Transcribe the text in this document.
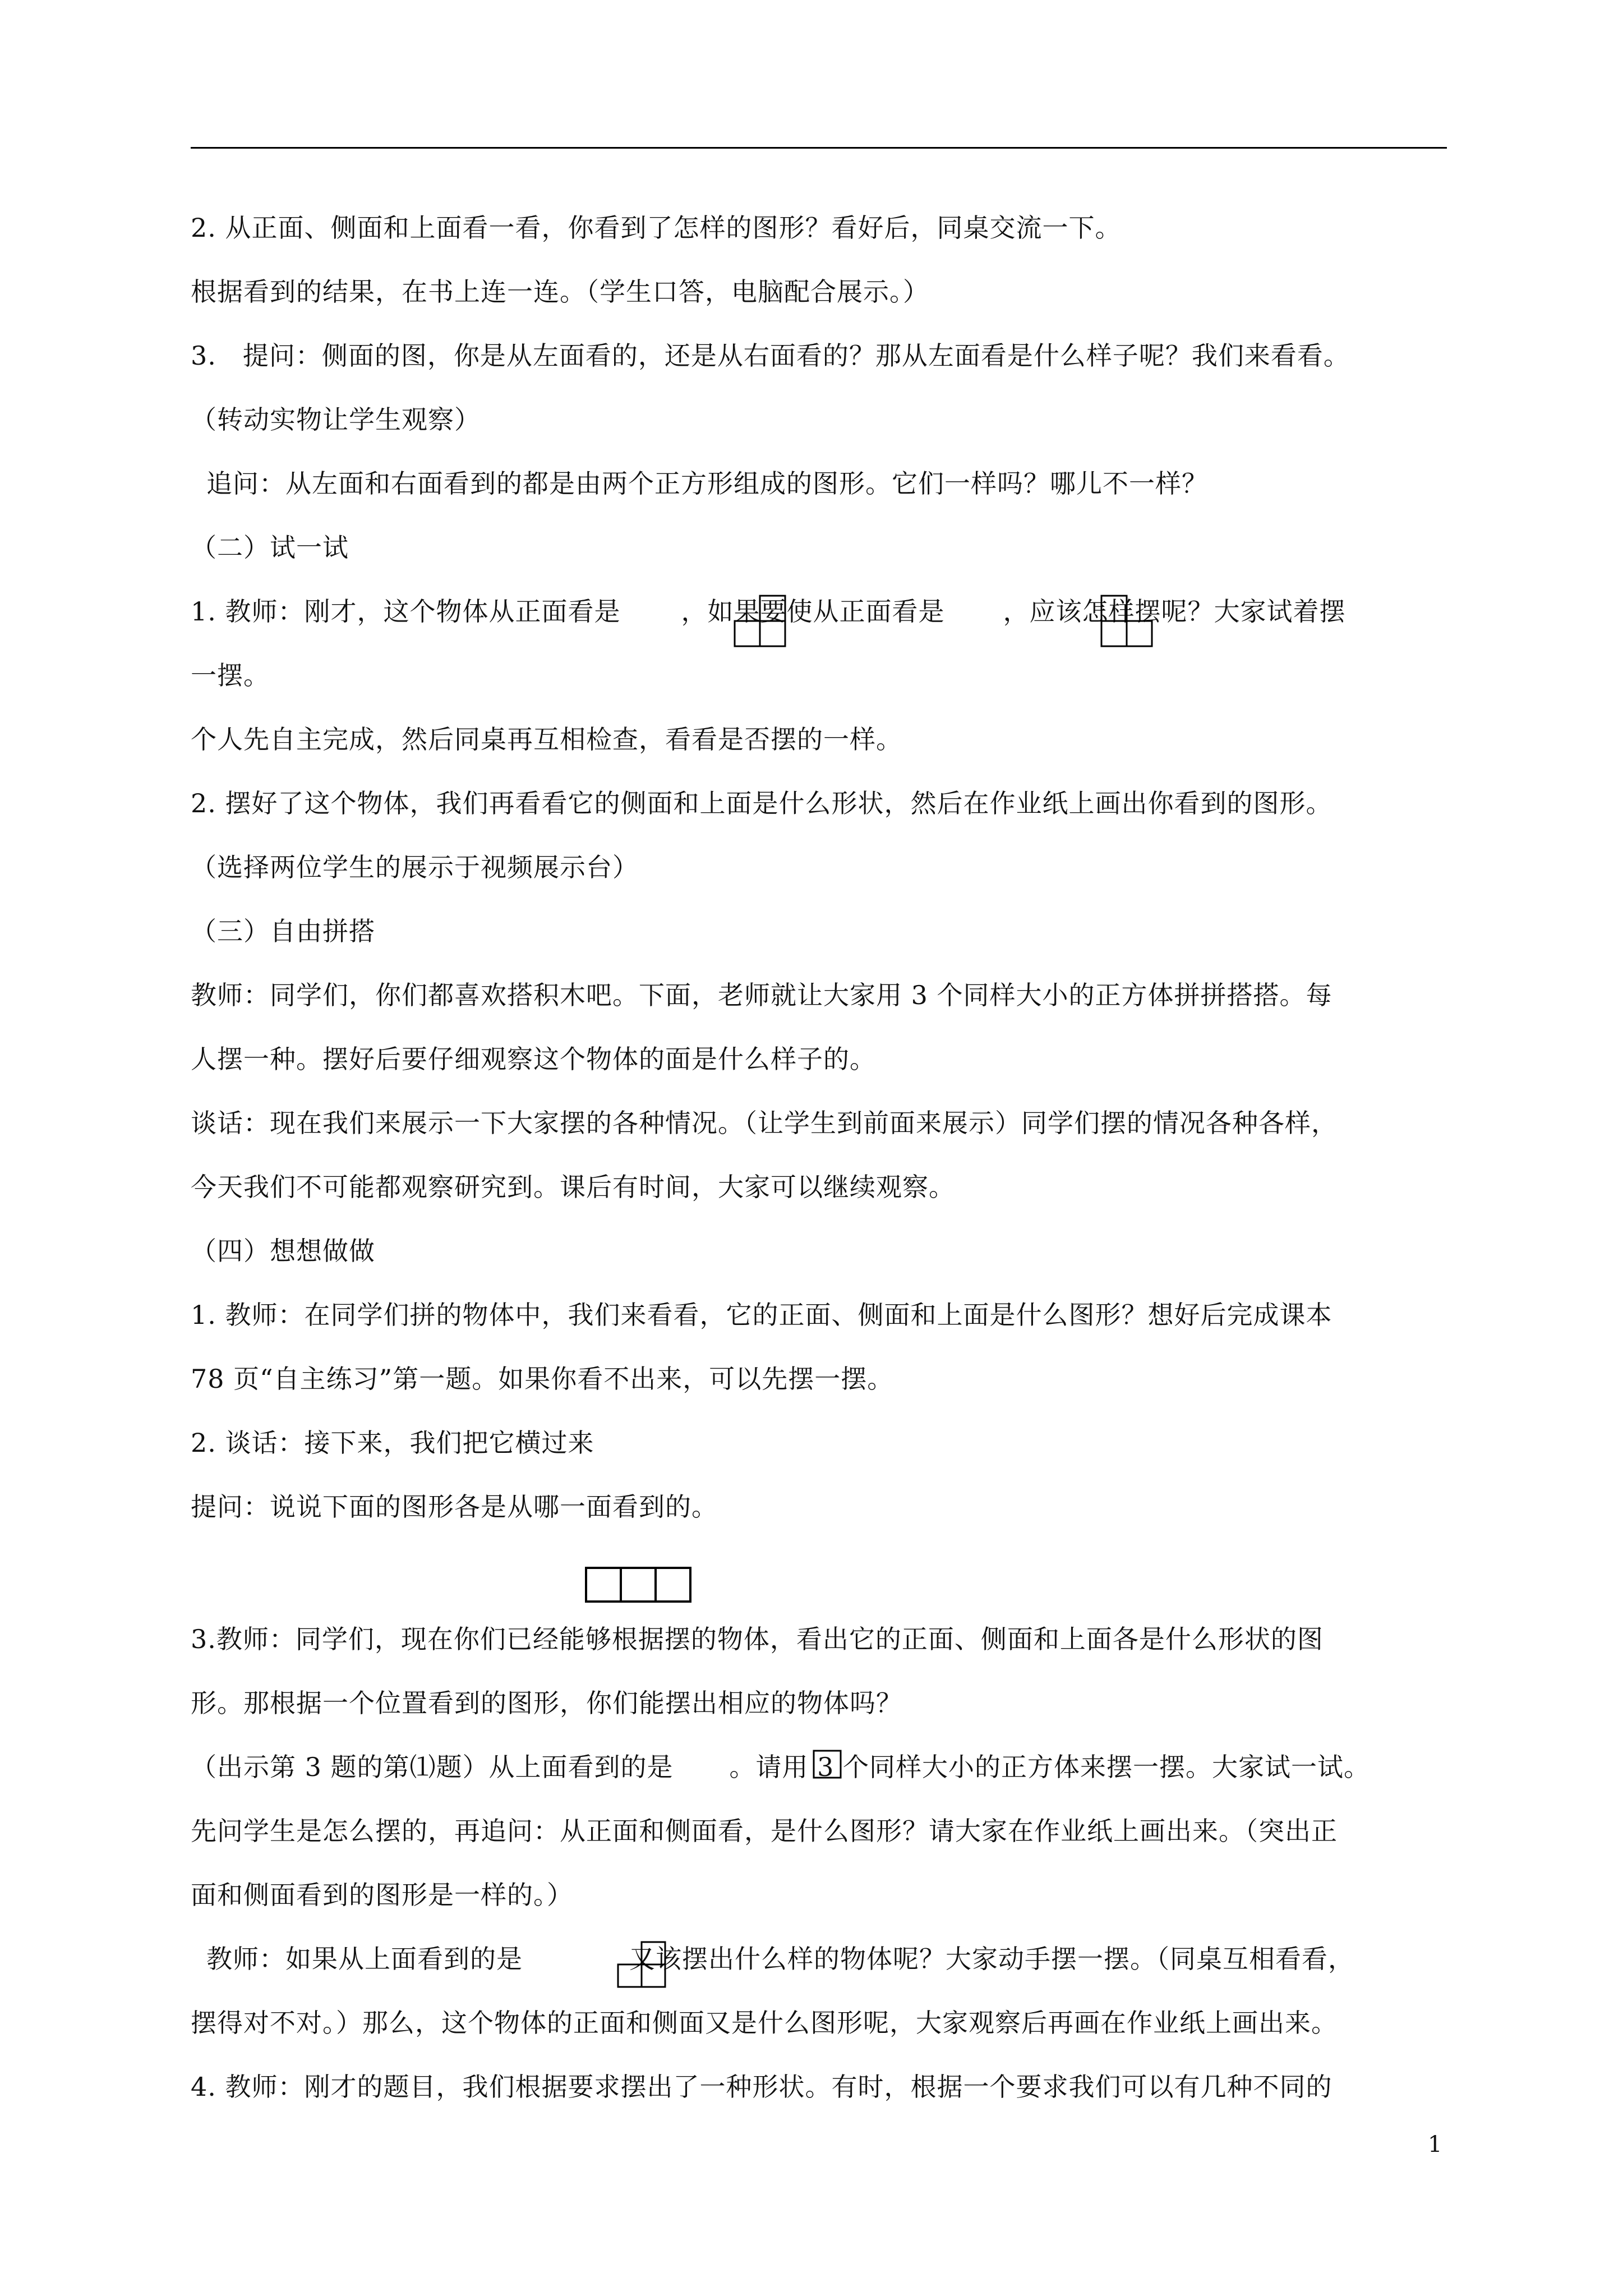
2. 从正面、侧面和上面看一看，你看到了怎样的图形？看好后，同桌交流一下。
根据看到的结果，在书上连一连。（学生口答，电脑配合展示。）
3.　提问：侧面的图，你是从左面看的，还是从右面看的？那从左面看是什么样子呢？我们来看看。
（转动实物让学生观察）
追问：从左面和右面看到的都是由两个正方形组成的图形。它们一样吗？哪儿不一样？
（二）试一试
1. 教师：刚才，这个物体从正面看是 ，如果要使从正面看是 ，应该怎样摆呢？大家试着摆
一摆。
个人先自主完成，然后同桌再互相检查，看看是否摆的一样。
2. 摆好了这个物体，我们再看看它的侧面和上面是什么形状，然后在作业纸上画出你看到的图形。
（选择两位学生的展示于视频展示台）
（三）自由拼搭
教师：同学们，你们都喜欢搭积木吧。下面，老师就让大家用 3 个同样大小的正方体拼拼搭搭。每
人摆一种。摆好后要仔细观察这个物体的面是什么样子的。
谈话：现在我们来展示一下大家摆的各种情况。（让学生到前面来展示）同学们摆的情况各种各样，
今天我们不可能都观察研究到。课后有时间，大家可以继续观察。
（四）想想做做
1. 教师：在同学们拼的物体中，我们来看看，它的正面、侧面和上面是什么图形？想好后完成课本
78 页“自主练习”第一题。如果你看不出来，可以先摆一摆。
2. 谈话：接下来，我们把它横过来
提问：说说下面的图形各是从哪一面看到的。
3.教师：同学们，现在你们已经能够根据摆的物体，看出它的正面、侧面和上面各是什么形状的图
形。那根据一个位置看到的图形，你们能摆出相应的物体吗？
（出示第 3 题的第⑴题）从上面看到的是 。请用 3 个同样大小的正方体来摆一摆。大家试一试。
先问学生是怎么摆的，再追问：从正面和侧面看，是什么图形？请大家在作业纸上画出来。（突出正
面和侧面看到的图形是一样的。）
教师：如果从上面看到的是	又该摆出什么样的物体呢？大家动手摆一摆。（同桌互相看看，
摆得对不对。）那么，这个物体的正面和侧面又是什么图形呢，大家观察后再画在作业纸上画出来。
4. 教师：刚才的题目，我们根据要求摆出了一种形状。有时，根据一个要求我们可以有几种不同的
1
